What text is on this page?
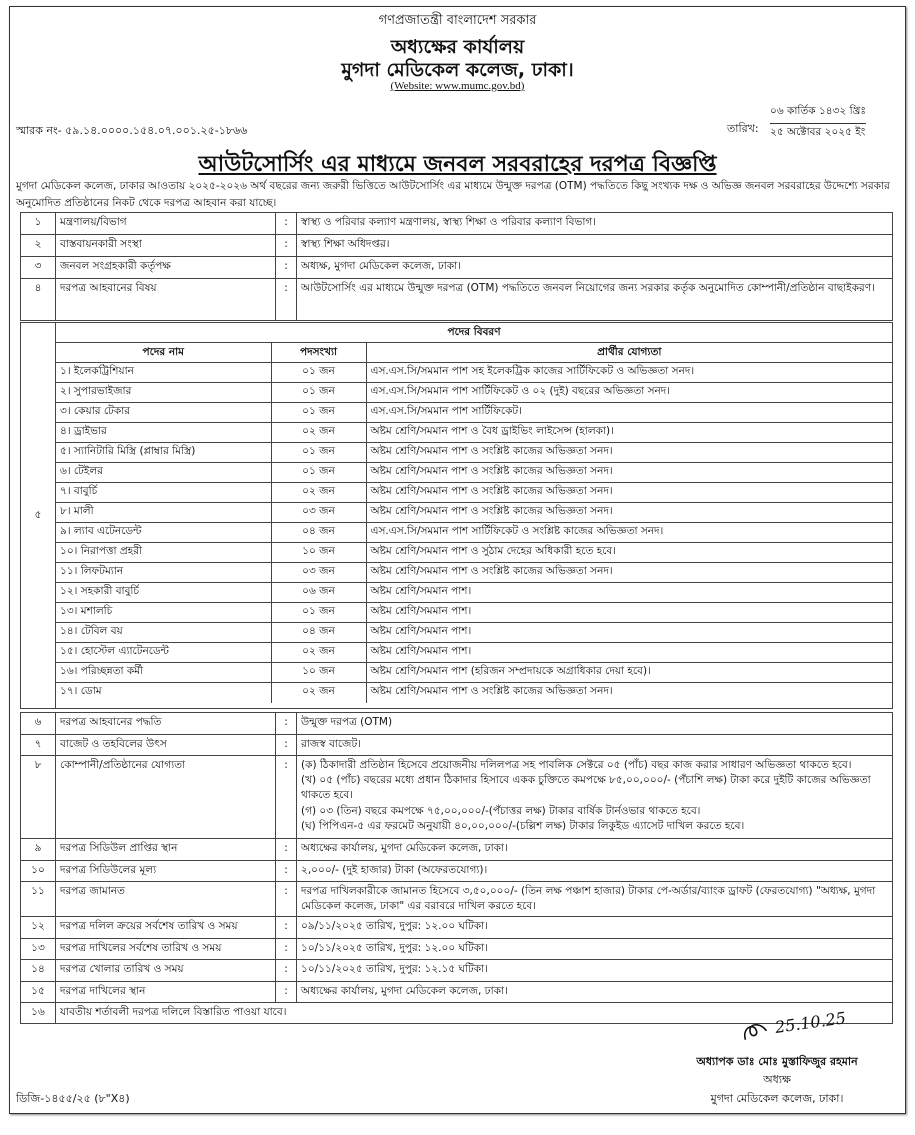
গণপ্রজাতন্ত্রী বাংলাদেশ সরকার
অধ্যক্ষের কার্যালয়
মুগদা মেডিকেল কলেজ, ঢাকা।
(Website: www.mumc.gov.bd)
স্মারক নং- ৫৯.১৪.০০০০.১৫৪.০৭.০০১.২৫-১৮৬৬	তারিখ:
০৬ কার্তিক ১৪৩২ খ্রিঃ
২৫ অক্টোবর ২০২৫ ইং
আউটসোর্সিং এর মাধ্যমে জনবল সরবরাহের দরপত্র বিজ্ঞপ্তি
মুগদা মেডিকেল কলেজ, ঢাকার আওতায় ২০২৫-২০২৬ অর্থ বছরের জন্য জরুরী ভিত্তিতে আউটসোর্সিং এর মাধ্যমে উন্মুক্ত দরপত্র (OTM) পদ্ধতিতে কিছু সংখ্যক দক্ষ ও অভিজ্ঞ জনবল সরবরাহের উদ্দেশ্যে সরকার অনুমোদিত প্রতিষ্ঠানের নিকট থেকে দরপত্র আহবান করা যাচ্ছে।
১	মন্ত্রণালয়/বিভাগ	:	স্বাস্থ্য ও পরিবার কল্যাণ মন্ত্রণালয়, স্বাস্থ্য শিক্ষা ও পরিবার কল্যাণ বিভাগ।
২	বাস্তবায়নকারী সংস্থা	:	স্বাস্থ্য শিক্ষা অধিদপ্তর।
৩	জনবল সংগ্রহকারী কর্তৃপক্ষ	:	অধ্যক্ষ, মুগদা মেডিকেল কলেজ, ঢাকা।
৪	দরপত্র আহবানের বিষয়	:	আউটসোর্সিং এর মাধ্যমে উন্মুক্ত দরপত্র (OTM) পদ্ধতিতে জনবল নিয়োগের জন্য সরকার কর্তৃক অনুমোদিত কোম্পানী/প্রতিষ্ঠান বাছাইকরণ।
৫	
পদের বিবরণ
পদের নাম	পদসংখ্যা	প্রার্থীর যোগ্যতা
১। ইলেকট্রিশিয়ান	০১ জন	এস.এস.সি/সমমান পাশ সহ ইলেকট্রিক কাজের সার্টিফিকেট ও অভিজ্ঞতা সনদ।
২। সুপারভাইজার	০১ জন	এস.এস.সি/সমমান পাশ সার্টিফিকেট ও ০২ (দুই) বছরের অভিজ্ঞতা সনদ।
৩। কেয়ার টেকার	০১ জন	এস.এস.সি/সমমান পাশ সার্টিফিকেট।
৪। ড্রাইভার	০২ জন	অষ্টম শ্রেণি/সমমান পাশ ও বৈধ ড্রাইভিং লাইসেন্স (হালকা)।
৫। স্যানিটারি মিস্ত্রি (প্লাম্বার মিস্ত্রি)	০১ জন	অষ্টম শ্রেণি/সমমান পাশ ও সংশ্লিষ্ট কাজের অভিজ্ঞতা সনদ।
৬। টেইলর	০১ জন	অষ্টম শ্রেণি/সমমান পাশ ও সংশ্লিষ্ট কাজের অভিজ্ঞতা সনদ।
৭। বাবুর্চি	০২ জন	অষ্টম শ্রেণি/সমমান পাশ ও সংশ্লিষ্ট কাজের অভিজ্ঞতা সনদ।
৮। মালী	০৩ জন	অষ্টম শ্রেণি/সমমান পাশ ও সংশ্লিষ্ট কাজের অভিজ্ঞতা সনদ।
৯। ল্যাব এটেনডেন্ট	০৪ জন	এস.এস.সি/সমমান পাশ সার্টিফিকেট ও সংশ্লিষ্ট কাজের অভিজ্ঞতা সনদ।
১০। নিরাপত্তা প্রহরী	১০ জন	অষ্টম শ্রেণি/সমমান পাশ ও সুঠাম দেহের অধিকারী হতে হবে।
১১। লিফটম্যান	০৩ জন	অষ্টম শ্রেণি/সমমান পাশ ও সংশ্লিষ্ট কাজের অভিজ্ঞতা সনদ।
১২। সহকারী বাবুর্চি	০৬ জন	অষ্টম শ্রেণি/সমমান পাশ।
১৩। মশালচি	০১ জন	অষ্টম শ্রেণি/সমমান পাশ।
১৪। টেবিল বয়	০৪ জন	অষ্টম শ্রেণি/সমমান পাশ।
১৫। হোস্টেল এ্যাটেনডেন্ট	০২ জন	অষ্টম শ্রেণি/সমমান পাশ।
১৬। পরিচ্ছন্নতা কর্মী	১০ জন	অষ্টম শ্রেণি/সমমান পাশ (হরিজন সম্প্রদায়কে অগ্রাধিকার দেয়া হবে)।
১৭। ডোম	০২ জন	অষ্টম শ্রেণি/সমমান পাশ ও সংশ্লিষ্ট কাজের অভিজ্ঞতা সনদ।
৬	দরপত্র আহবানের পদ্ধতি	:	উন্মুক্ত দরপত্র (OTM)
৭	বাজেট ও তহবিলের উৎস	:	রাজস্ব বাজেট।
৮	কোম্পানী/প্রতিষ্ঠানের যোগ্যতা	:	(ক) ঠিকাদারী প্রতিষ্ঠান হিসেবে প্রয়োজনীয় দলিলপত্র সহ পাবলিক সেক্টরে ০৫ (পাঁচ) বছর কাজ করার সাধারণ অভিজ্ঞতা থাকতে হবে।
(খ) ০৫ (পাঁচ) বছরের মধ্যে প্রধান ঠিকাদার হিসাবে একক চুক্তিতে কমপক্ষে ৮৫,০০,০০০/- (পঁচাশি লক্ষ) টাকা করে দুইটি কাজের অভিজ্ঞতা থাকতে হবে।
(গ) ০৩ (তিন) বছরে কমপক্ষে ৭৫,০০,০০০/-(পঁচাত্তর লক্ষ) টাকার বার্ষিক টার্নওভার থাকতে হবে।
(ঘ) পিপিএন-৫ এর ফরমেট অনুযায়ী ৪০,০০,০০০/-(চল্লিশ লক্ষ) টাকার লিকুইড এ্যাসেট দাখিল করতে হবে।

৯	দরপত্র সিডিউল প্রাপ্তির স্থান	:	অধ্যক্ষের কার্যালয়, মুগদা মেডিকেল কলেজ, ঢাকা।
১০	দরপত্র সিডিউলের মূল্য	:	২,০০০/- (দুই হাজার) টাকা (অফেরতযোগ্য)।
১১	দরপত্র জামানত	:	দরপত্র দাখিলকারীকে জামানত হিসেবে ৩,৫০,০০০/- (তিন লক্ষ পঞ্চাশ হাজার) টাকার পে-অর্ডার/ব্যাংক ড্রাফট (ফেরতযোগ্য) "অধ্যক্ষ, মুগদা মেডিকেল কলেজ, ঢাকা" এর বরাবরে দাখিল করতে হবে।
১২	দরপত্র দলিল ক্রয়ের সর্বশেষ তারিখ ও সময়	:	০৯/১১/২০২৫ তারিখ, দুপুর: ১২.০০ ঘটিকা।
১৩	দরপত্র দাখিলের সর্বশেষ তারিখ ও সময়	:	১০/১১/২০২৫ তারিখ, দুপুর: ১২.০০ ঘটিকা।
১৪	দরপত্র খোলার তারিখ ও সময়	:	১০/১১/২০২৫ তারিখ, দুপুর: ১২.১৫ ঘটিকা।
১৫	দরপত্র দাখিলের স্থান	:	অধ্যক্ষের কার্যালয়, মুগদা মেডিকেল কলেজ, ঢাকা।
১৬	যাবতীয় শর্তাবলী দরপত্র দলিলে বিস্তারিত পাওয়া যাবে।			25.10.25
অধ্যাপক ডাঃ মোঃ মুস্তাফিজুর রহমান
অধ্যক্ষ
মুগদা মেডিকেল কলেজ, ঢাকা।
ডিজি-১৪৫৫/২৫ (৮"X৪)
